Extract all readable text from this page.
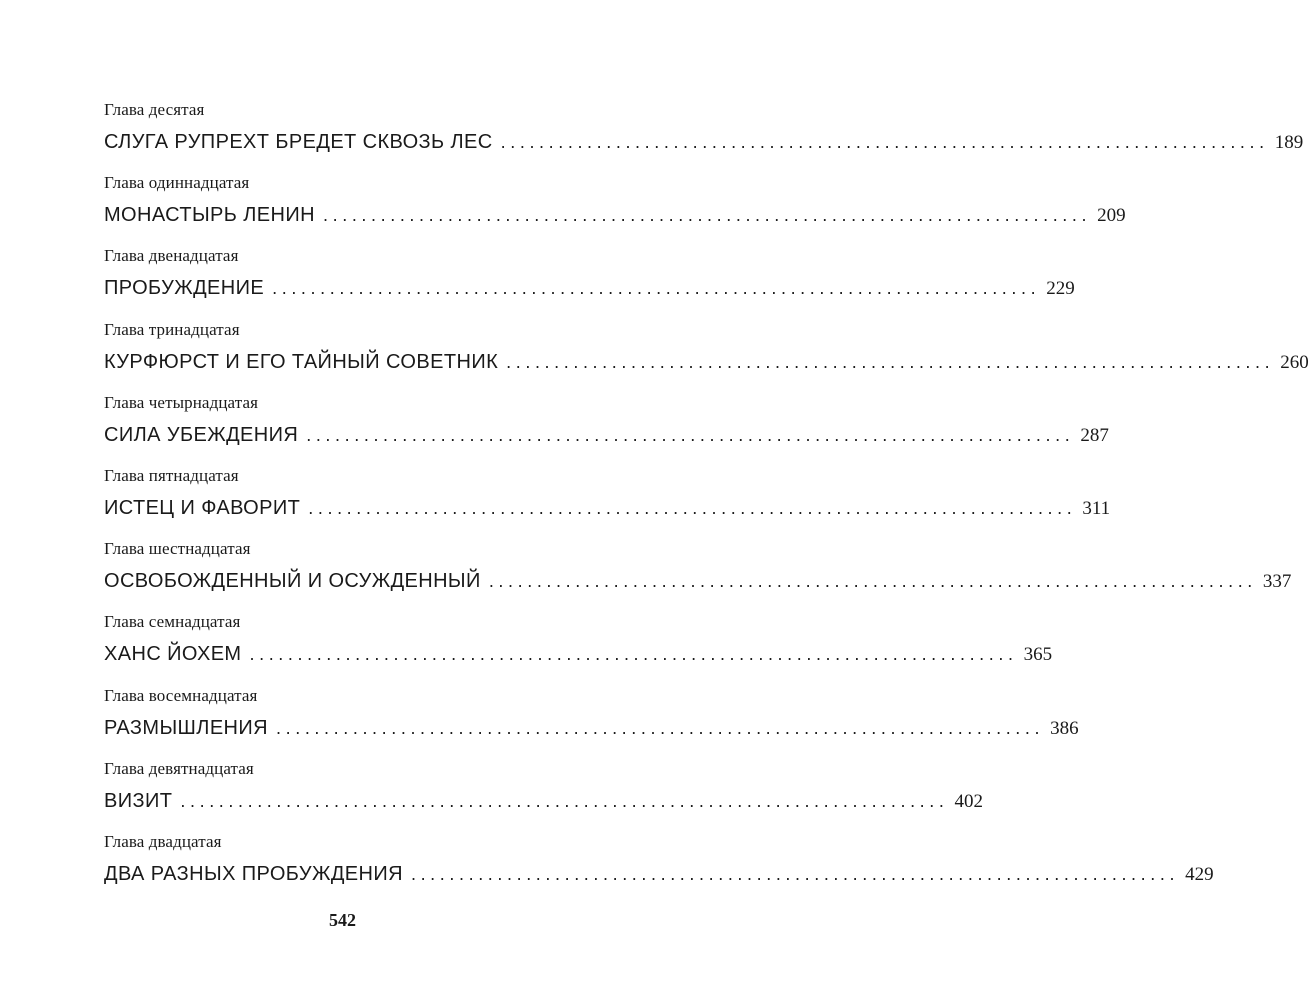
Глава десятая
СЛУГА РУПРЕХТ БРЕДЕТ СКВОЗЬ ЛЕС ................................................................................ 189
Глава одиннадцатая
МОНАСТЫРЬ ЛЕНИН ................................................................................ 209
Глава двенадцатая
ПРОБУЖДЕНИЕ ................................................................................ 229
Глава тринадцатая
КУРФЮРСТ И ЕГО ТАЙНЫЙ СОВЕТНИК ................................................................................ 260
Глава четырнадцатая
СИЛА УБЕЖДЕНИЯ ................................................................................ 287
Глава пятнадцатая
ИСТЕЦ И ФАВОРИТ ................................................................................ 311
Глава шестнадцатая
ОСВОБОЖДЕННЫЙ И ОСУЖДЕННЫЙ ................................................................................ 337
Глава семнадцатая
ХАНС ЙОХЕМ ................................................................................ 365
Глава восемнадцатая
РАЗМЫШЛЕНИЯ ................................................................................ 386
Глава девятнадцатая
ВИЗИТ ................................................................................ 402
Глава двадцатая
ДВА РАЗНЫХ ПРОБУЖДЕНИЯ ................................................................................ 429
542
